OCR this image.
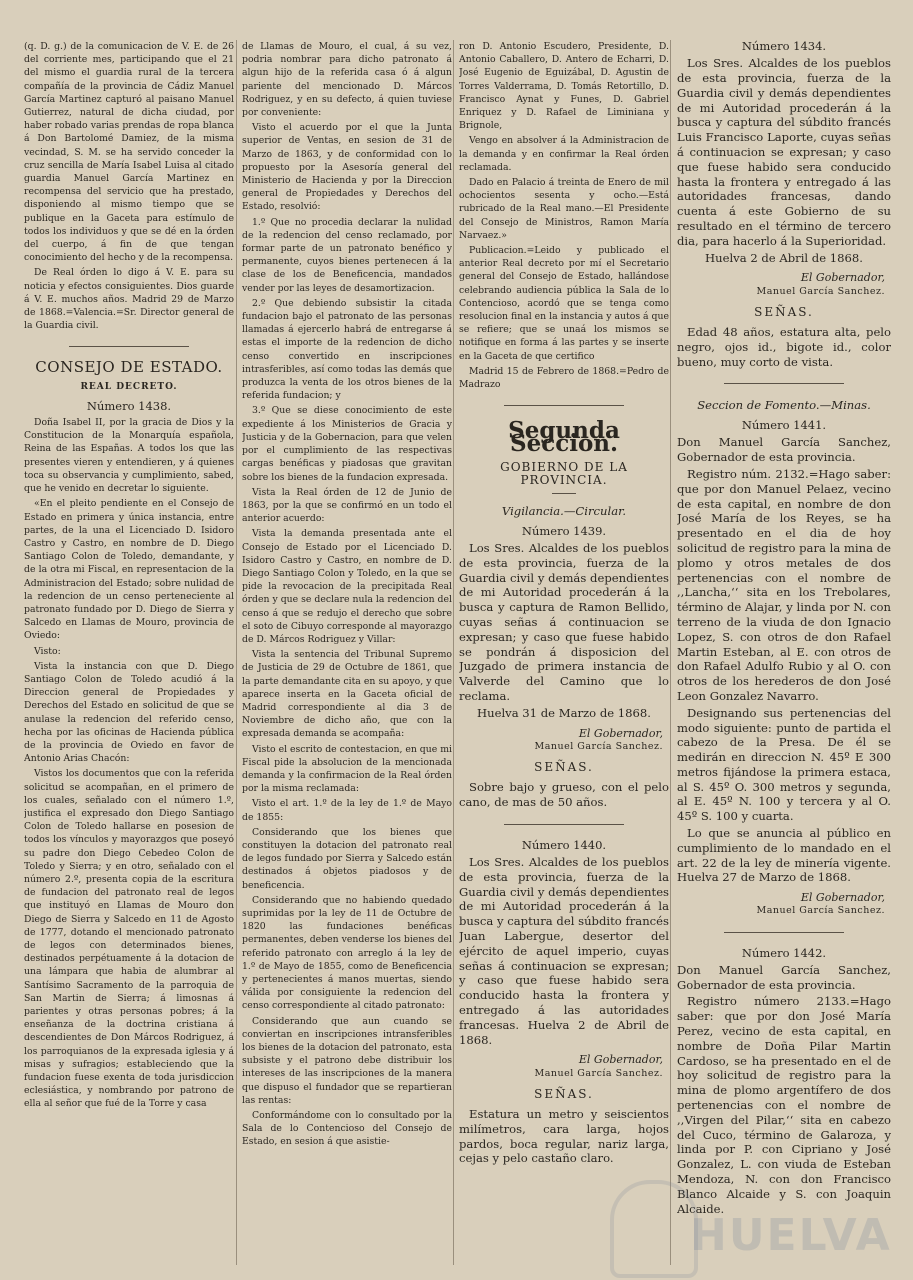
(q. D. g.) de la comunicacion de V. E. de 26 del corriente mes, participando que el 21 del mismo el guardia rural de la tercera compañía de la provincia de Cádiz Manuel García Martinez capturó al paisano Manuel Gutierrez, natural de dicha ciudad, por haber robado varias prendas de ropa blanca á Don Bartolomé Damiez, de la misma vecindad, S. M. se ha servido conceder la cruz sencilla de María Isabel Luisa al citado guardia Manuel García Martinez en recompensa del servicio que ha prestado, disponiendo al mismo tiempo que se publique en la Gaceta para estímulo de todos los individuos y que se dé en la órden del cuerpo, á fin de que tengan conocimiento del hecho y de la recompensa.

De Real órden lo digo á V. E. para su noticia y efectos consiguientes. Dios guarde á V. E. muchos años. Madrid 29 de Marzo de 1868.=Valencia.=Sr. Director general de la Guardia civil.

CONSEJO DE ESTADO.
REAL DECRETO.
Número 1438.

Doña Isabel II, por la gracia de Dios y la Constitucion de la Monarquía española, Reina de las Españas. A todos los que las presentes vieren y entendieren, y á quienes toca su observancia y cumplimiento, sabed, que he venido en decretar lo siguiente.

«En el pleito pendiente en el Consejo de Estado en primera y única instancia, entre partes, de la una el Licenciado D. Isidoro Castro y Castro, en nombre de D. Diego Santiago Colon de Toledo, demandante, y de la otra mi Fiscal, en representacion de la Administracion del Estado; sobre nulidad de la redencion de un censo perteneciente al patronato fundado por D. Diego de Sierra y Salcedo en Llamas de Mouro, provincia de Oviedo:

Visto:

Vista la instancia con que D. Diego Santiago Colon de Toledo acudió á la Direccion general de Propiedades y Derechos del Estado en solicitud de que se anulase la redencion del referido censo, hecha por las oficinas de Hacienda pública de la provincia de Oviedo en favor de Antonio Arias Chacón:

Vistos los documentos que con la referida solicitud se acompañan, en el primero de los cuales, señalado con el número 1.º, justifica el expresado don Diego Santiago Colon de Toledo hallarse en posesion de todos los vínculos y mayorazgos que poseyó su padre don Diego Cebedeo Colon de Toledo y Sierra; y en otro, señalado con el número 2.º, presenta copia de la escritura de fundacion del patronato real de legos que instituyó en Llamas de Mouro don Diego de Sierra y Salcedo en 11 de Agosto de 1777, dotando el mencionado patronato de legos con determinados bienes, destinados perpétuamente á la dotacion de una lámpara que habia de alumbrar al Santísimo Sacramento de la parroquia de San Martin de Sierra; á limosnas á parientes y otras personas pobres; á la enseñanza de la doctrina cristiana á descendientes de Don Márcos Rodriguez, á los parroquianos de la expresada iglesia y á misas y sufragios; estableciendo que la fundacion fuese exenta de toda jurisdiccion eclesiástica, y nombrando por patrono de ella al señor que fué de la Torre y casa

de Llamas de Mouro, el cual, á su vez, podria nombrar para dicho patronato á algun hijo de la referida casa ó á algun pariente del mencionado D. Márcos Rodriguez, y en su defecto, á quien tuviese por conveniente:

Visto el acuerdo por el que la Junta superior de Ventas, en sesion de 31 de Marzo de 1863, y de conformidad con lo propuesto por la Asesoría general del Ministerio de Hacienda y por la Direccion general de Propiedades y Derechos del Estado, resolvió:

1.º Que no procedia declarar la nulidad de la redencion del censo reclamado, por formar parte de un patronato benéfico y permanente, cuyos bienes pertenecen á la clase de los de Beneficencia, mandados vender por las leyes de desamortizacion.

2.º Que debiendo subsistir la citada fundacion bajo el patronato de las personas llamadas á ejercerlo habrá de entregarse á estas el importe de la redencion de dicho censo convertido en inscripciones intrasferibles, así como todas las demás que produzca la venta de los otros bienes de la referida fundacion; y

3.º Que se diese conocimiento de este expediente á los Ministerios de Gracia y Justicia y de la Gobernacion, para que velen por el cumplimiento de las respectivas cargas benéficas y piadosas que gravitan sobre los bienes de la fundacion expresada.

Vista la Real órden de 12 de Junio de 1863, por la que se confirmó en un todo el anterior acuerdo:

Vista la demanda presentada ante el Consejo de Estado por el Licenciado D. Isidoro Castro y Castro, en nombre de D. Diego Santiago Colon y Toledo, en la que se pide la revocacion de la precipitada Real órden y que se declare nula la redencion del censo á que se redujo el derecho que sobre el soto de Cibuyo corresponde al mayorazgo de D. Márcos Rodriguez y Villar:

Vista la sentencia del Tribunal Supremo de Justicia de 29 de Octubre de 1861, que la parte demandante cita en su apoyo, y que aparece inserta en la Gaceta oficial de Madrid correspondiente al dia 3 de Noviembre de dicho año, que con la expresada demanda se acompaña:

Visto el escrito de contestacion, en que mi Fiscal pide la absolucion de la mencionada demanda y la confirmacion de la Real órden por la misma reclamada:

Visto el art. 1.º de la ley de 1.º de Mayo de 1855:

Considerando que los bienes que constituyen la dotacion del patronato real de legos fundado por Sierra y Salcedo están destinados á objetos piadosos y de beneficencia.

Considerando que no habiendo quedado suprimidas por la ley de 11 de Octubre de 1820 las fundaciones benéficas permanentes, deben venderse los bienes del referido patronato con arreglo á la ley de 1.º de Mayo de 1855, como de Beneficencia y pertenecientes á manos muertas, siendo válida por consiguiente la redencion del censo correspondiente al citado patronato:

Considerando que aun cuando se conviertan en inscripciones intransferibles los bienes de la dotacion del patronato, esta subsiste y el patrono debe distribuir los intereses de las inscripciones de la manera que dispuso el fundador que se repartieran las rentas:

Conformándome con lo consultado por la Sala de lo Contencioso del Consejo de Estado, en sesion á que asistie-

ron D. Antonio Escudero, Presidente, D. Antonio Caballero, D. Antero de Echarri, D. José Eugenio de Eguizábal, D. Agustin de Torres Valderrama, D. Tomás Retortillo, D. Francisco Aynat y Funes, D. Gabriel Enriquez y D. Rafael de Liminiana y Brignole,

Vengo en absolver á la Administracion de la demanda y en confirmar la Real órden reclamada.

Dado en Palacio á treinta de Enero de mil ochocientos sesenta y ocho.—Está rubricado de la Real mano.—El Presidente del Consejo de Ministros, Ramon María Narvaez.»

Publicacion.=Leido y publicado el anterior Real decreto por mí el Secretario general del Consejo de Estado, hallándose celebrando audiencia pública la Sala de lo Contencioso, acordó que se tenga como resolucion final en la instancia y autos á que se refiere; que se unaá los mismos se notifique en forma á las partes y se inserte en la Gaceta de que certifico

Madrid 15 de Febrero de 1868.=Pedro de Madrazo

Segunda Seccion.
GOBIERNO DE LA PROVINCIA.
Vigilancia.—Circular.
Número 1439.

Los Sres. Alcaldes de los pueblos de esta provincia, fuerza de la Guardia civil y demás dependientes de mi Autoridad procederán á la busca y captura de Ramon Bellido, cuyas señas á continuacion se expresan; y caso que fuese habido se pondrán á disposicion del Juzgado de primera instancia de Valverde del Camino que lo reclama.

Huelva 31 de Marzo de 1868.

El Gobernador,
Manuel García Sanchez.
SEÑAS.

Sobre bajo y grueso, con el pelo cano, de mas de 50 años.

Número 1440.

Los Sres. Alcaldes de los pueblos de esta provincia, fuerza de la Guardia civil y demás dependientes de mi Autoridad procederán á la busca y captura del súbdito francés Juan Labergue, desertor del ejército de aquel imperio, cuyas señas á continuacion se expresan; y caso que fuese habido sera conducido hasta la frontera y entregado á las autoridades francesas. Huelva 2 de Abril de 1868.

El Gobernador,
Manuel García Sanchez.
SEÑAS.

Estatura un metro y seiscientos milímetros, cara larga, hojos pardos, boca regular, nariz larga, cejas y pelo castaño claro.

Número 1434.

Los Sres. Alcaldes de los pueblos de esta provincia, fuerza de la Guardia civil y demás dependientes de mi Autoridad procederán á la busca y captura del súbdito francés Luis Francisco Laporte, cuyas señas á continuacion se expresan; y caso que fuese habido sera conducido hasta la frontera y entregado á las autoridades francesas, dando cuenta á este Gobierno de su resultado en el término de tercero dia, para hacerlo á la Superioridad.

Huelva 2 de Abril de 1868.

El Gobernador,
Manuel García Sanchez.
SEÑAS.

Edad 48 años, estatura alta, pelo negro, ojos id., bigote id., color bueno, muy corto de vista.

Seccion de Fomento.—Minas.
Número 1441.

Don Manuel García Sanchez, Gobernador de esta provincia.

Registro núm. 2132.=Hago saber: que por don Manuel Pelaez, vecino de esta capital, en nombre de don José María de los Reyes, se ha presentado en el dia de hoy solicitud de registro para la mina de plomo y otros metales de dos pertenencias con el nombre de ,,Lancha,‘‘ sita en los Trebolares, término de Alajar, y linda por N. con terreno de la viuda de don Ignacio Lopez, S. con otros de don Rafael Martin Esteban, al E. con otros de don Rafael Adulfo Rubio y al O. con otros de los herederos de don José Leon Gonzalez Navarro.

Designando sus pertenencias del modo siguiente: punto de partida el cabezo de la Presa. De él se medirán en direccion N. 45º E 300 metros fijándose la primera estaca, al S. 45º O. 300 metros y segunda, al E. 45º N. 100 y tercera y al O. 45º S. 100 y cuarta.

Lo que se anuncia al público en cumplimiento de lo mandado en el art. 22 de la ley de minería vigente. Huelva 27 de Marzo de 1868.

El Gobernador,
Manuel García Sanchez.
Número 1442.

Don Manuel García Sanchez, Gobernador de esta provincia.

Registro número 2133.=Hago saber: que por don José María Perez, vecino de esta capital, en nombre de Doña Pilar Martin Cardoso, se ha presentado en el de hoy solicitud de registro para la mina de plomo argentífero de dos pertenencias con el nombre de ,,Virgen del Pilar,‘‘ sita en cabezo del Cuco, término de Galaroza, y linda por P. con Cipriano y José Gonzalez, L. con viuda de Esteban Mendoza, N. con don Francisco Blanco Alcaide y S. con Joaquin Alcaide.

HUELVA
